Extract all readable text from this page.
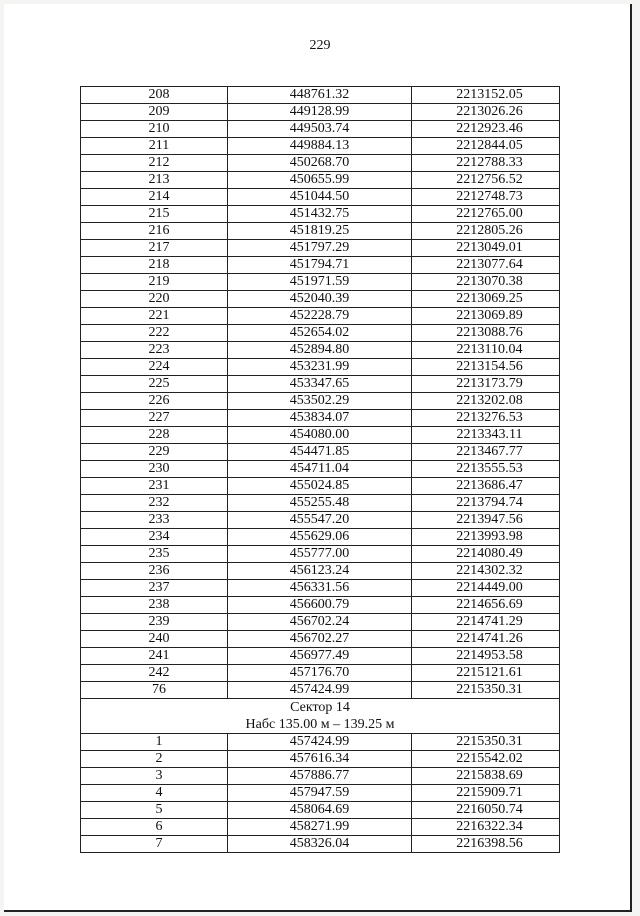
229
208	448761.32	2213152.05
209	449128.99	2213026.26
210	449503.74	2212923.46
211	449884.13	2212844.05
212	450268.70	2212788.33
213	450655.99	2212756.52
214	451044.50	2212748.73
215	451432.75	2212765.00
216	451819.25	2212805.26
217	451797.29	2213049.01
218	451794.71	2213077.64
219	451971.59	2213070.38
220	452040.39	2213069.25
221	452228.79	2213069.89
222	452654.02	2213088.76
223	452894.80	2213110.04
224	453231.99	2213154.56
225	453347.65	2213173.79
226	453502.29	2213202.08
227	453834.07	2213276.53
228	454080.00	2213343.11
229	454471.85	2213467.77
230	454711.04	2213555.53
231	455024.85	2213686.47
232	455255.48	2213794.74
233	455547.20	2213947.56
234	455629.06	2213993.98
235	455777.00	2214080.49
236	456123.24	2214302.32
237	456331.56	2214449.00
238	456600.79	2214656.69
239	456702.24	2214741.29
240	456702.27	2214741.26
241	456977.49	2214953.58
242	457176.70	2215121.61
76	457424.99	2215350.31

Сектор 14
Набс 135.00 м – 139.25 м		

1	457424.99	2215350.31
2	457616.34	2215542.02
3	457886.77	2215838.69
4	457947.59	2215909.71
5	458064.69	2216050.74
6	458271.99	2216322.34
7	458326.04	2216398.56
